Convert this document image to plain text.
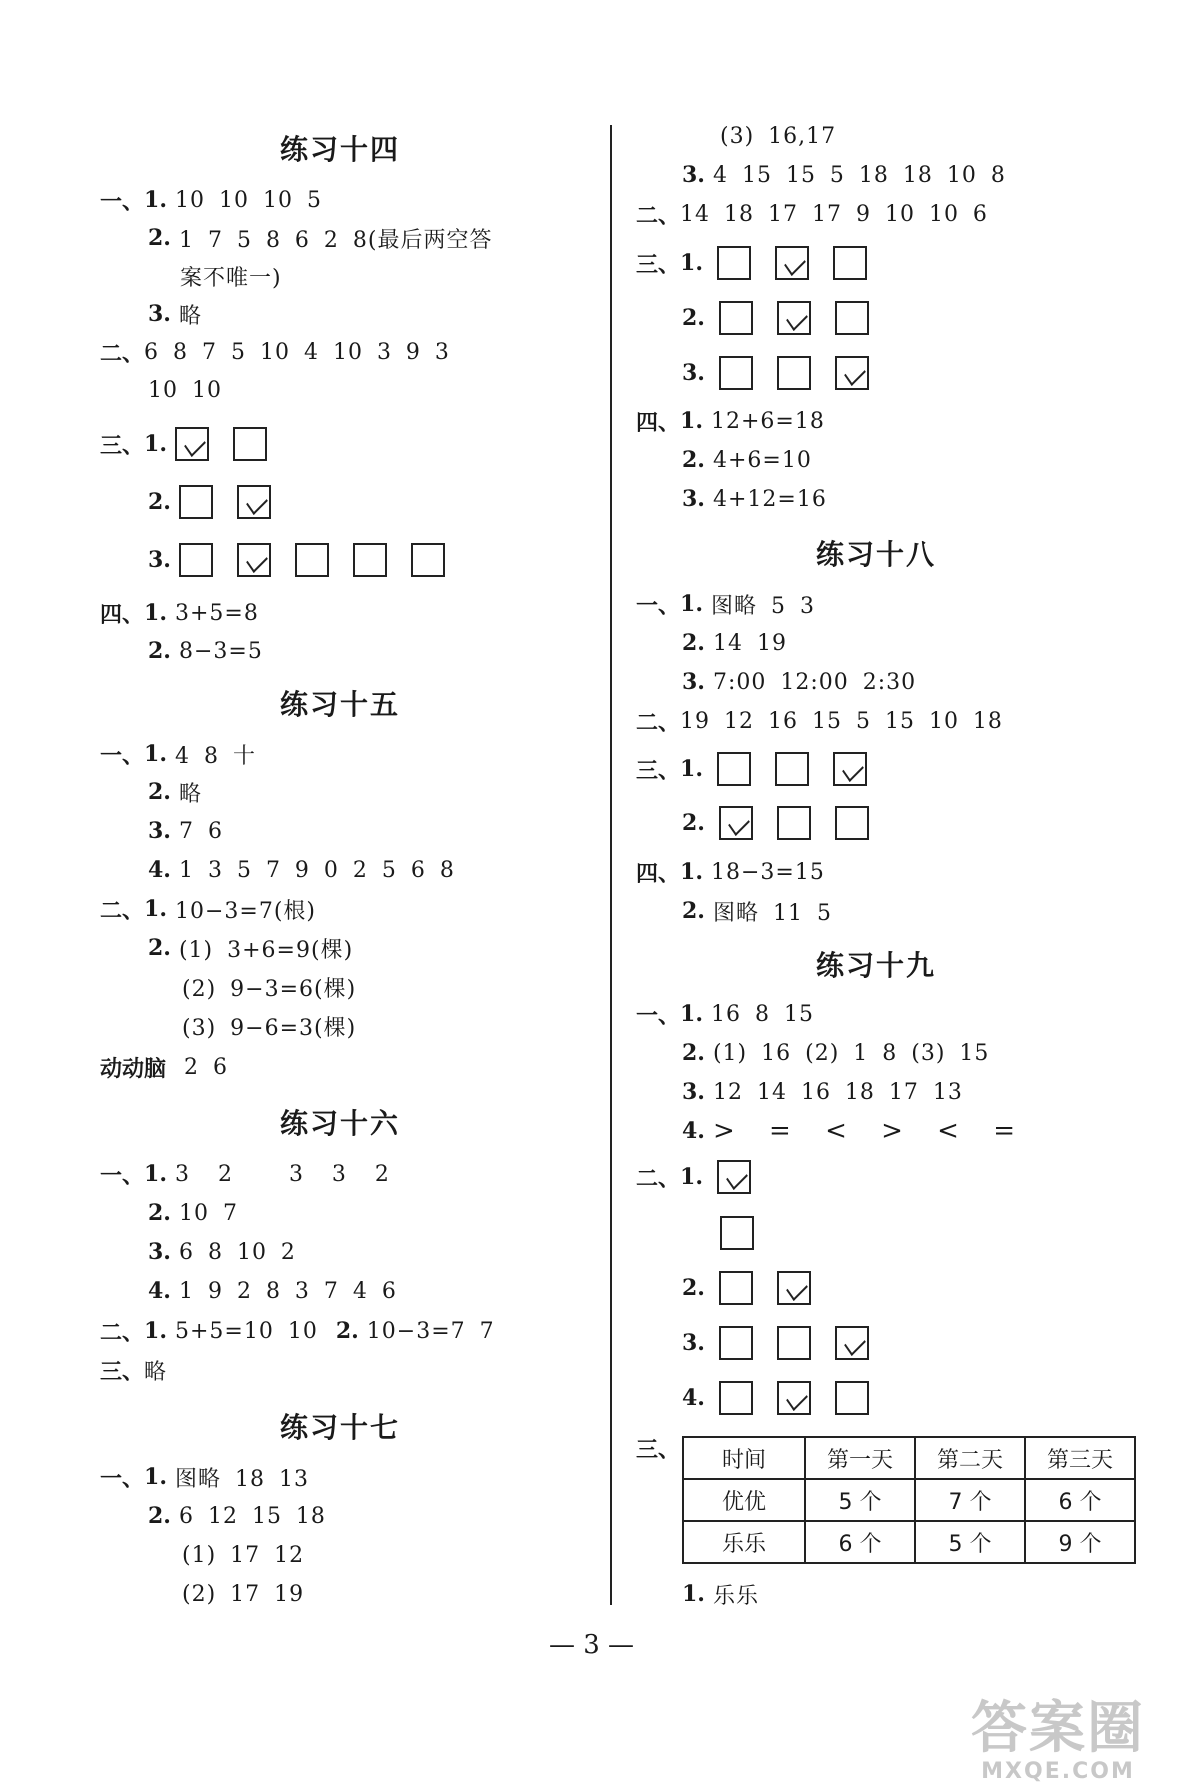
练习十四
一、 1. 10 10 10 5
2. 1 7 5 8 6 2 8(最后两空答
案不唯一)
3. 略
二、 6 8 7 5 10 4 10 3 9 3
10 10
三、 1.
2.
3.
四、 1. 3+5=8
2. 8−3=5
练习十五
一、 1. 4 8 十
2. 略
3. 7 6
4. 1 3 5 7 9 0 2 5 6 8
二、 1. 10−3=7(根)
2. (1) 3+6=9(棵)
(2) 9−3=6(棵)
(3) 9−6=3(棵)
动动脑 2 6
练习十六
一、 1. 3  2    3  3  2
2. 10 7
3. 6 8 10 2
4. 1 9 2 8 3 7 4 6
二、 1. 5+5=10 10 2. 10−3=7 7
三、 略
练习十七
一、 1. 图略 18 13
2. 6 12 15 18
(1) 17 12
(2) 17 19
(3) 16,17
3. 4 15 15 5 18 18 10 8
二、 14 18 17 17 9 10 10 6
三、 1.
2.
3.
四、 1. 12+6=18
2. 4+6=10
3. 4+12=16
练习十八
一、 1. 图略 5 3
2. 14 19
3. 7:00 12:00 2:30
二、 19 12 16 15 5 15 10 18
三、 1.
2.
四、 1. 18−3=15
2. 图略 11 5
练习十九
一、 1. 16 8 15
2. (1) 16 (2) 1 8 (3) 15
3. 12 14 16 18 17 13
4. > = < > < =
二、 1.
2.
3.
4.
三、 时间	第一天	第二天	第三天
优优	5 个	7 个	6 个
乐乐	6 个	5 个	9 个
1. 乐乐
— 3 —
答案圈
MXQE.COM
